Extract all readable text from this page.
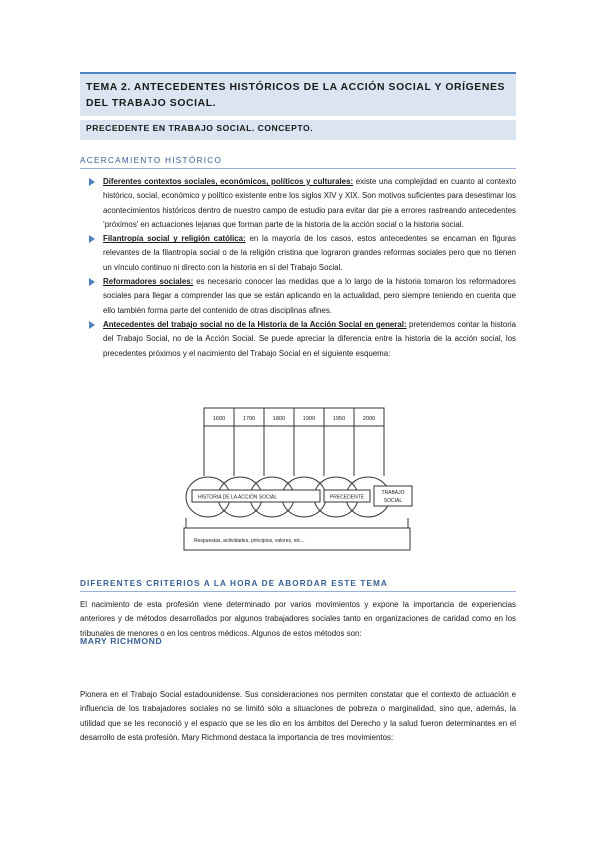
TEMA 2. ANTECEDENTES HISTÓRICOS DE LA ACCIÓN SOCIAL Y ORÍGENES DEL TRABAJO SOCIAL.
PRECEDENTE EN TRABAJO SOCIAL. CONCEPTO.
ACERCAMIENTO HISTÓRICO
Diferentes contextos sociales, económicos, políticos y culturales: existe una complejidad en cuanto al contexto histórico, social, económico y político existente entre los siglos XIV y XIX. Son motivos suficientes para desestimar los acontecimientos históricos dentro de nuestro campo de estudio para evitar dar pie a errores rastreando antecedentes ‘próximos’ en actuaciones lejanas que forman parte de la historia de la acción social o la historia social.
Filantropía social y religión católica: en la mayoría de los casos, estos antecedentes se encarnan en figuras relevantes de la filantropía social o de la religión cristina que lograron grandes reformas sociales pero que no tienen un vínculo continuo ni directo con la historia en sí del Trabajo Social.
Reformadores sociales: es necesario conocer las medidas que a lo largo de la historia tomaron los reformadores sociales para llegar a comprender las que se están aplicando en la actualidad, pero siempre teniendo en cuenta que ello también forma parte del contenido de otras disciplinas afines.
Antecedentes del trabajo social no de la Historia de la Acción Social en general: pretendemos contar la historia del Trabajo Social, no de la Acción Social. Se puede apreciar la diferencia entre la historia de la acción social, los precedentes próximos y el nacimiento del Trabajo Social en el siguiente esquema:
1600	1700	1800	1900	1950	2000
HISTORIA DE LA ACCIÓN SOCIAL	PRECEDENTE
TRABAJO
SOCIAL
Respuestas, actividades, principios, valores, etc...
DIFERENTES CRITERIOS A LA HORA DE ABORDAR ESTE TEMA
El nacimiento de esta profesión viene determinado por varios movimientos y expone la importancia de experiencias anteriores y de métodos desarrollados por algunos trabajadores sociales tanto en organizaciones de caridad como en los tribunales de menores o en los centros médicos. Algunos de estos métodos son:
MARY RICHMOND
Pionera en el Trabajo Social estadounidense. Sus consideraciones nos permiten constatar que el contexto de actuación e influencia de los trabajadores sociales no se limitó sólo a situaciones de pobreza o marginalidad, sino que, además, la utilidad que se les reconoció y el espacio que se les dio en los ámbitos del Derecho y la salud fueron determinantes en el desarrollo de esta profesión. Mary Richmond destaca la importancia de tres movimientos:
